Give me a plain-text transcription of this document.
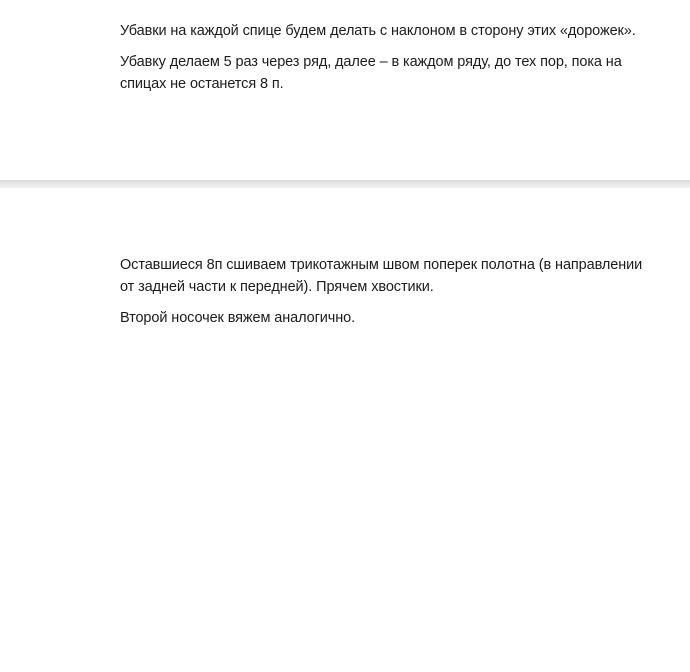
Убавки на каждой спице будем делать с наклоном в сторону этих «дорожек».

Убавку делаем 5 раз через ряд, далее – в каждом ряду, до тех пор, пока на спицах не останется 8 п.

Оставшиеся 8п сшиваем трикотажным швом поперек полотна (в направлении от задней части к передней). Прячем хвостики.

Второй носочек вяжем аналогично.
